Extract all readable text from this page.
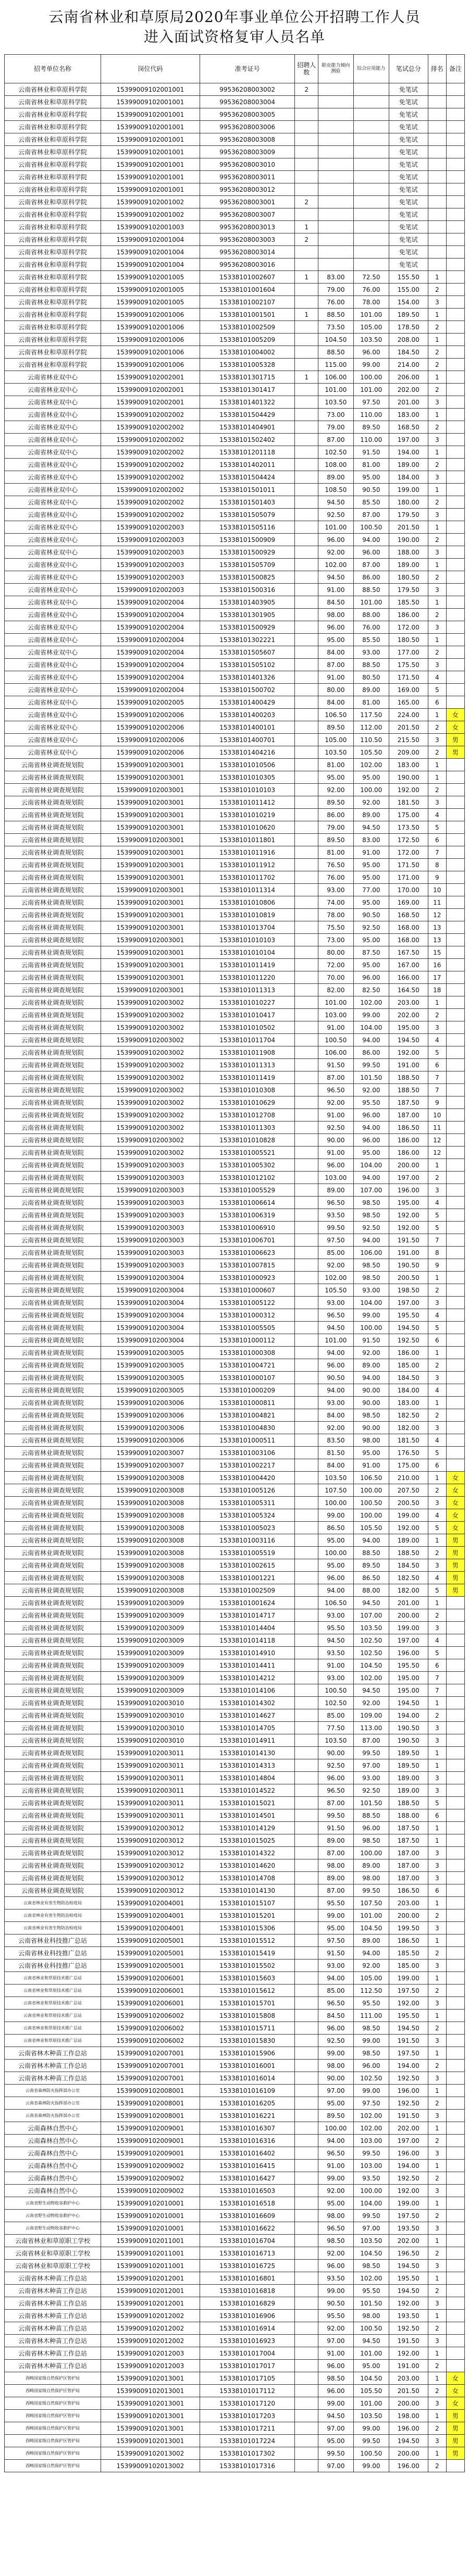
云南省林业和草原局2020年事业单位公开招聘工作人员
进入面试资格复审人员名单
招考单位名称	岗位代码	准考证号	招聘人数	职业能力倾向测验	综合应用能力	笔试总分	排名	备注
云南省林业和草原科学院	15399009102001001	99536208003002	2			免笔试		
云南省林业和草原科学院	15399009102001001	99536208003004				免笔试		
云南省林业和草原科学院	15399009102001001	99536208003005				免笔试		
云南省林业和草原科学院	15399009102001001	99536208003006				免笔试		
云南省林业和草原科学院	15399009102001001	99536208003008				免笔试		
云南省林业和草原科学院	15399009102001001	99536208003009				免笔试		
云南省林业和草原科学院	15399009102001001	99536208003010				免笔试		
云南省林业和草原科学院	15399009102001001	99536208003011				免笔试		
云南省林业和草原科学院	15399009102001001	99536208003012				免笔试		
云南省林业和草原科学院	15399009102001002	99536208003001	2			免笔试		
云南省林业和草原科学院	15399009102001002	99536208003007				免笔试		
云南省林业和草原科学院	15399009102001003	99536208003013	1			免笔试		
云南省林业和草原科学院	15399009102001004	99536208003003	2			免笔试		
云南省林业和草原科学院	15399009102001004	99536208003014				免笔试		
云南省林业和草原科学院	15399009102001004	99536208003016				免笔试		
云南省林业和草原科学院	15399009102001005	15338101002607	1	83.00	72.50	155.50	1	
云南省林业和草原科学院	15399009102001005	15338101001604		79.00	76.00	155.00	2	
云南省林业和草原科学院	15399009102001005	15338101002107		76.00	78.00	154.00	3	
云南省林业和草原科学院	15399009102001006	15338101001501	1	88.50	101.00	189.50	1	
云南省林业和草原科学院	15399009102001006	15338101002509		73.50	105.00	178.50	2	
云南省林业和草原科学院	15399009102001006	15338101005209		104.50	103.50	208.00	1	
云南省林业和草原科学院	15399009102001006	15338101004002		88.50	96.00	184.50	2	
云南省林业和草原科学院	15399009102001006	15338101005328		115.00	99.00	214.00	2	
云南省林业双中心	15399009102002001	15338101301715	1	106.00	100.00	206.00	1	
云南省林业双中心	15399009102002001	15338101301417		101.00	101.00	202.00	2	
云南省林业双中心	15399009102002001	15338101401322		103.50	97.50	201.00	3	
云南省林业双中心	15399009102002002	15338101504429		73.00	110.00	183.00	1	
云南省林业双中心	15399009102002002	15338101404901		79.00	89.50	168.50	2	
云南省林业双中心	15399009102002002	15338101502402		87.00	110.00	197.00	3	
云南省林业双中心	15399009102002002	15338101201118		102.50	91.50	194.00	1	
云南省林业双中心	15399009102002002	15338101402011		108.00	81.00	189.00	2	
云南省林业双中心	15399009102002002	15338101504424		89.00	95.00	184.00	3	
云南省林业双中心	15399009102002002	15338101501011		108.50	90.50	199.00	1	
云南省林业双中心	15399009102002002	15338101501403		94.50	85.50	180.00	2	
云南省林业双中心	15399009102002002	15338101505079		92.50	87.00	179.50	3	
云南省林业双中心	15399009102002003	15338101505116		101.00	100.50	201.50	1	
云南省林业双中心	15399009102002003	15338101500909		96.00	94.00	190.00	2	
云南省林业双中心	15399009102002003	15338101500929		92.00	96.00	188.00	3	
云南省林业双中心	15399009102002003	15338101505709		102.00	87.00	189.00	1	
云南省林业双中心	15399009102002003	15338101500825		94.50	86.00	180.50	2	
云南省林业双中心	15399009102002003	15338101500316		91.00	88.50	179.50	3	
云南省林业双中心	15399009102002004	15338101403905		84.50	101.00	185.50	1	
云南省林业双中心	15399009102002004	15338101301905		98.00	88.00	186.00	2	
云南省林业双中心	15399009102002004	15338101500929		96.00	76.00	172.00	3	
云南省林业双中心	15399009102002004	15338101302221		95.00	85.50	180.50	1	
云南省林业双中心	15399009102002004	15338101505607		84.00	93.00	177.00	2	
云南省林业双中心	15399009102002004	15338101505102		87.00	88.50	175.50	3	
云南省林业双中心	15399009102002004	15338101401326		91.00	80.50	171.50	4	
云南省林业双中心	15399009102002004	15338101500702		80.00	89.00	169.00	5	
云南省林业双中心	15399009102002005	15338101400429		84.00	81.00	165.00	6	
云南省林业双中心	15399009102002006	15338101400203		106.50	117.50	224.00	1	女
云南省林业双中心	15399009102002006	15338101400101		89.50	112.00	201.50	2	女
云南省林业双中心	15399009102002006	15338101400701		105.00	110.50	215.50	3	男
云南省林业双中心	15399009102002006	15338101404216		103.50	105.50	209.00	2	男
云南省林业调查规划院	15399009102003001	15338101010506		81.00	102.00	183.00	1	
云南省林业调查规划院	15399009102003001	15338101010305		95.00	95.00	190.00	1	
云南省林业调查规划院	15399009102003001	15338101010103		92.00	100.00	192.00	2	
云南省林业调查规划院	15399009102003001	15338101011412		89.50	92.00	181.50	3	
云南省林业调查规划院	15399009102003001	15338101010219		86.00	89.00	175.00	4	
云南省林业调查规划院	15399009102003001	15338101010620		79.00	94.50	173.50	5	
云南省林业调查规划院	15399009102003001	15338101011801		89.50	83.00	172.50	6	
云南省林业调查规划院	15399009102003001	15338101011916		81.00	91.00	172.00	7	
云南省林业调查规划院	15399009102003001	15338101011912		76.50	95.00	171.50	8	
云南省林业调查规划院	15399009102003001	15338101011702		76.00	95.00	171.00	9	
云南省林业调查规划院	15399009102003001	15338101011314		93.00	77.00	170.00	10	
云南省林业调查规划院	15399009102003001	15338101010806		74.00	95.00	169.00	11	
云南省林业调查规划院	15399009102003001	15338101010819		78.00	90.50	168.50	12	
云南省林业调查规划院	15399009102003001	15338101013704		75.50	92.50	168.00	13	
云南省林业调查规划院	15399009102003001	15338101010103		73.00	95.00	168.00	13	
云南省林业调查规划院	15399009102003001	15338101010104		80.00	87.50	167.50	15	
云南省林业调查规划院	15399009102003001	15338101011419		72.00	95.00	167.00	16	
云南省林业调查规划院	15399009102003001	15338101011220		70.00	96.00	166.00	17	
云南省林业调查规划院	15399009102003001	15338101011313		82.00	82.50	164.50	18	
云南省林业调查规划院	15399009102003002	15338101010227		101.00	102.00	203.00	1	
云南省林业调查规划院	15399009102003002	15338101010417		103.00	99.00	202.00	2	
云南省林业调查规划院	15399009102003002	15338101010502		91.00	104.00	195.00	3	
云南省林业调查规划院	15399009102003002	15338101011704		100.50	94.00	194.50	4	
云南省林业调查规划院	15399009102003002	15338101011908		106.00	86.00	192.00	5	
云南省林业调查规划院	15399009102003002	15338101011313		91.50	99.50	191.00	6	
云南省林业调查规划院	15399009102003002	15338101011419		87.00	101.50	188.50	7	
云南省林业调查规划院	15399009102003002	15338101010308		96.50	92.00	188.50	7	
云南省林业调查规划院	15399009102003002	15338101010629		92.00	95.50	187.50	9	
云南省林业调查规划院	15399009102003002	15338101012708		91.00	96.00	187.00	10	
云南省林业调查规划院	15399009102003002	15338101011303		92.50	94.00	186.50	11	
云南省林业调查规划院	15399009102003002	15338101010828		90.00	96.00	186.00	12	
云南省林业调查规划院	15399009102003002	15338101005521		91.00	95.00	186.00	12	
云南省林业调查规划院	15399009102003003	15338101005302		96.00	104.00	200.00	1	
云南省林业调查规划院	15399009102003003	15338101012102		103.00	94.00	197.00	2	
云南省林业调查规划院	15399009102003003	15338101005529		89.00	107.00	196.00	3	
云南省林业调查规划院	15399009102003003	15338101006614		96.50	98.50	195.00	4	
云南省林业调查规划院	15399009102003003	15338101006319		93.50	98.50	192.00	5	
云南省林业调查规划院	15399009102003003	15338101006910		99.50	92.50	192.00	5	
云南省林业调查规划院	15399009102003003	15338101006701		97.50	94.00	191.50	7	
云南省林业调查规划院	15399009102003003	15338101006623		85.00	106.00	191.00	8	
云南省林业调查规划院	15399009102003003	15338101007815		92.00	98.50	190.50	9	
云南省林业调查规划院	15399009102003004	15338101000923		102.00	98.50	200.50	1	
云南省林业调查规划院	15399009102003004	15338101000607		105.50	93.00	198.50	2	
云南省林业调查规划院	15399009102003004	15338101005122		93.00	104.00	197.00	3	
云南省林业调查规划院	15399009102003004	15338101000312		96.50	99.00	195.50	4	
云南省林业调查规划院	15399009102003004	15338101005505		94.50	100.00	194.50	5	
云南省林业调查规划院	15399009102003004	15338101000112		101.00	91.50	192.50	6	
云南省林业调查规划院	15399009102003005	15338101000308		94.00	92.00	186.00	1	
云南省林业调查规划院	15399009102003005	15338101004721		96.00	89.00	185.00	2	
云南省林业调查规划院	15399009102003005	15338101000107		90.50	94.00	184.50	3	
云南省林业调查规划院	15399009102003005	15338101000209		94.00	90.00	184.00	4	
云南省林业调查规划院	15399009102003006	15338101000811		93.00	90.00	183.00	1	
云南省林业调查规划院	15399009102003006	15338101004821		84.00	98.50	182.50	2	
云南省林业调查规划院	15399009102003006	15338101004830		92.00	90.00	182.00	3	
云南省林业调查规划院	15399009102003006	15338101000511		83.50	98.00	181.50	4	
云南省林业调查规划院	15399009102003007	15338101003106		81.50	95.00	176.50	5	
云南省林业调查规划院	15399009102003007	15338101002217		84.00	91.00	175.00	6	
云南省林业调查规划院	15399009102003008	15338101004420		103.50	106.50	210.00	1	女
云南省林业调查规划院	15399009102003008	15338101005126		107.50	100.00	207.50	2	女
云南省林业调查规划院	15399009102003008	15338101005311		100.00	100.50	200.50	3	女
云南省林业调查规划院	15399009102003008	15338101005324		99.00	100.00	199.00	4	女
云南省林业调查规划院	15399009102003008	15338101005023		86.50	105.50	192.00	5	女
云南省林业调查规划院	15399009102003008	15338101003116		95.00	94.00	189.00	1	男
云南省林业调查规划院	15399009102003008	15338101005519		100.00	88.50	188.50	2	男
云南省林业调查规划院	15399009102003008	15338101002615		95.00	89.50	184.50	3	男
云南省林业调查规划院	15399009102003008	15338101001221		96.00	86.50	182.50	4	男
云南省林业调查规划院	15399009102003008	15338101002509		94.00	88.00	182.00	5	男
云南省林业调查规划院	15399009102003009	15338101001624		106.50	94.50	201.00	1	
云南省林业调查规划院	15399009102003009	15338101014717		93.00	107.00	200.00	2	
云南省林业调查规划院	15399009102003009	15338101014404		95.50	103.50	199.00	3	
云南省林业调查规划院	15399009102003009	15338101014118		94.50	102.50	197.00	4	
云南省林业调查规划院	15399009102003009	15338101014910		93.50	102.50	196.00	5	
云南省林业调查规划院	15399009102003009	15338101014411		91.00	104.50	195.50	6	
云南省林业调查规划院	15399009102003009	15338101014212		93.00	102.00	195.00	7	
云南省林业调查规划院	15399009102003009	15338101014106		100.50	94.50	195.00	7	
云南省林业调查规划院	15399009102003010	15338101014302		102.50	92.00	194.50	1	
云南省林业调查规划院	15399009102003010	15338101014627		85.00	109.00	194.00	2	
云南省林业调查规划院	15399009102003010	15338101014705		77.50	113.00	190.50	3	
云南省林业调查规划院	15399009102003010	15338101014911		103.50	87.00	190.50	3	
云南省林业调查规划院	15399009102003011	15338101014130		90.00	99.50	189.50	1	
云南省林业调查规划院	15399009102003011	15338101014313		92.50	97.00	189.50	1	
云南省林业调查规划院	15399009102003011	15338101014804		96.00	93.00	189.00	3	
云南省林业调查规划院	15399009102003011	15338101014522		96.50	92.50	189.00	3	
云南省林业调查规划院	15399009102003011	15338101015021		87.00	101.50	188.50	5	
云南省林业调查规划院	15399009102003011	15338101014501		99.50	88.50	188.00	6	
云南省林业调查规划院	15399009102003012	15338101014129		91.50	96.00	187.50	1	
云南省林业调查规划院	15399009102003012	15338101015025		89.00	98.50	187.50	1	
云南省林业调查规划院	15399009102003012	15338101014322		87.00	100.00	187.00	3	
云南省林业调查规划院	15399009102003012	15338101014620		98.00	89.00	187.00	3	
云南省林业调查规划院	15399009102003012	15338101014708		89.00	98.00	187.00	3	
云南省林业调查规划院	15399009102003012	15338101014130		87.00	99.50	186.50	6	
云南省林业有害生物防治检疫局	15399009102004001	15338101015107		95.50	107.50	203.00	1	
云南省林业有害生物防治检疫局	15399009102004001	15338101015201		99.00	101.00	200.00	2	
云南省林业有害生物防治检疫局	15399009102004001	15338101015306		95.00	104.50	199.50	3	
云南省林业科技推广总站	15399009102005001	15338101015512		97.50	89.00	186.50	1	
云南省林业科技推广总站	15399009102005001	15338101015419		91.50	94.00	185.50	2	
云南省林业科技推广总站	15399009102005001	15338101015502		93.00	92.00	185.00	3	
云南省林业和草原技术推广总站	15399009102006001	15338101015603		94.00	105.00	199.00	1	
云南省林业和草原技术推广总站	15399009102006001	15338101015612		85.00	112.50	197.50	2	
云南省林业和草原技术推广总站	15399009102006001	15338101015701		96.50	95.50	192.00	3	
云南省林业和草原技术推广总站	15399009102006002	15338101015808		84.50	111.00	195.50	1	
云南省林业和草原技术推广总站	15399009102006002	15338101015711		96.00	98.50	194.50	2	
云南省林业和草原技术推广总站	15399009102006002	15338101015830		92.50	99.00	191.50	3	
云南省林木种苗工作总站	15399009102007001	15338101015906		99.00	98.50	197.50	1	
云南省林木种苗工作总站	15399009102007001	15338101016001		98.00	96.00	194.00	2	
云南省林木种苗工作总站	15399009102007001	15338101016014		90.00	102.50	192.50	3	
云南省森林防火指挥部办公室	15399009102008001	15338101016109		97.00	99.00	196.00	1	
云南省森林防火指挥部办公室	15399009102008001	15338101016205		95.00	97.50	192.50	2	
云南省森林防火指挥部办公室	15399009102008001	15338101016221		89.50	102.00	191.50	3	
云南森林自然中心	15399009102009001	15338101016307		100.00	102.00	202.00	1	
云南森林自然中心	15399009102009001	15338101016316		94.00	103.00	197.00	2	
云南森林自然中心	15399009102009001	15338101016402		96.50	99.50	196.00	3	
云南森林自然中心	15399009102009002	15338101016415		91.00	103.00	194.00	1	
云南森林自然中心	15399009102009002	15338101016427		99.00	93.50	192.50	2	
云南森林自然中心	15399009102009002	15338101016503		92.00	100.00	192.00	3	
云南省野生动物收容救护中心	15399009102010001	15338101016518		95.00	104.00	199.00	1	
云南省野生动物收容救护中心	15399009102010001	15338101016609		98.00	99.50	197.50	2	
云南省野生动物收容救护中心	15399009102010001	15338101016622		96.50	97.00	193.50	3	
云南省林业和草原职工学校	15399009102011001	15338101016704		98.50	103.50	202.00	1	
云南省林业和草原职工学校	15399009102011001	15338101016713		92.00	104.50	196.50	2	
云南省林业和草原职工学校	15399009102011001	15338101016725		96.00	98.50	194.50	3	
云南省林木种苗工作总站	15399009102012001	15338101016801		93.50	102.00	195.50	1	
云南省林木种苗工作总站	15399009102012001	15338101016818		99.00	95.50	194.50	2	
云南省林木种苗工作总站	15399009102012001	15338101016829		90.50	101.50	192.00	3	
云南省林木种苗工作总站	15399009102012002	15338101016906		95.50	98.00	193.50	1	
云南省林木种苗工作总站	15399009102012002	15338101016914		92.00	100.50	192.50	2	
云南省林木种苗工作总站	15399009102012002	15338101016923		97.00	94.50	191.50	3	
云南省林木种苗工作总站	15399009102012003	15338101017004		91.00	101.00	192.00	1	
云南省林木种苗工作总站	15399009102012003	15338101017017		96.00	95.00	191.00	2	
西畴国家级自然保护区管护局	15399009102013001	15338101017105		98.50	104.50	203.00	1	女
西畴国家级自然保护区管护局	15399009102013001	15338101017112		96.00	105.50	201.50	2	女
西畴国家级自然保护区管护局	15399009102013001	15338101017120		99.00	101.00	200.00	3	女
西畴国家级自然保护区管护局	15399009102013001	15338101017203		94.50	103.50	198.00	1	男
西畴国家级自然保护区管护局	15399009102013001	15338101017211		97.00	99.00	196.00	2	男
西畴国家级自然保护区管护局	15399009102013001	15338101017224		95.00	99.50	194.50	3	男
西畴国家级自然保护区管护局	15399009102013002	15338101017302		99.50	100.50	200.00	1	男
西畴国家级自然保护区管护局	15399009102013002	15338101017316		97.00	99.00	196.00	2	
